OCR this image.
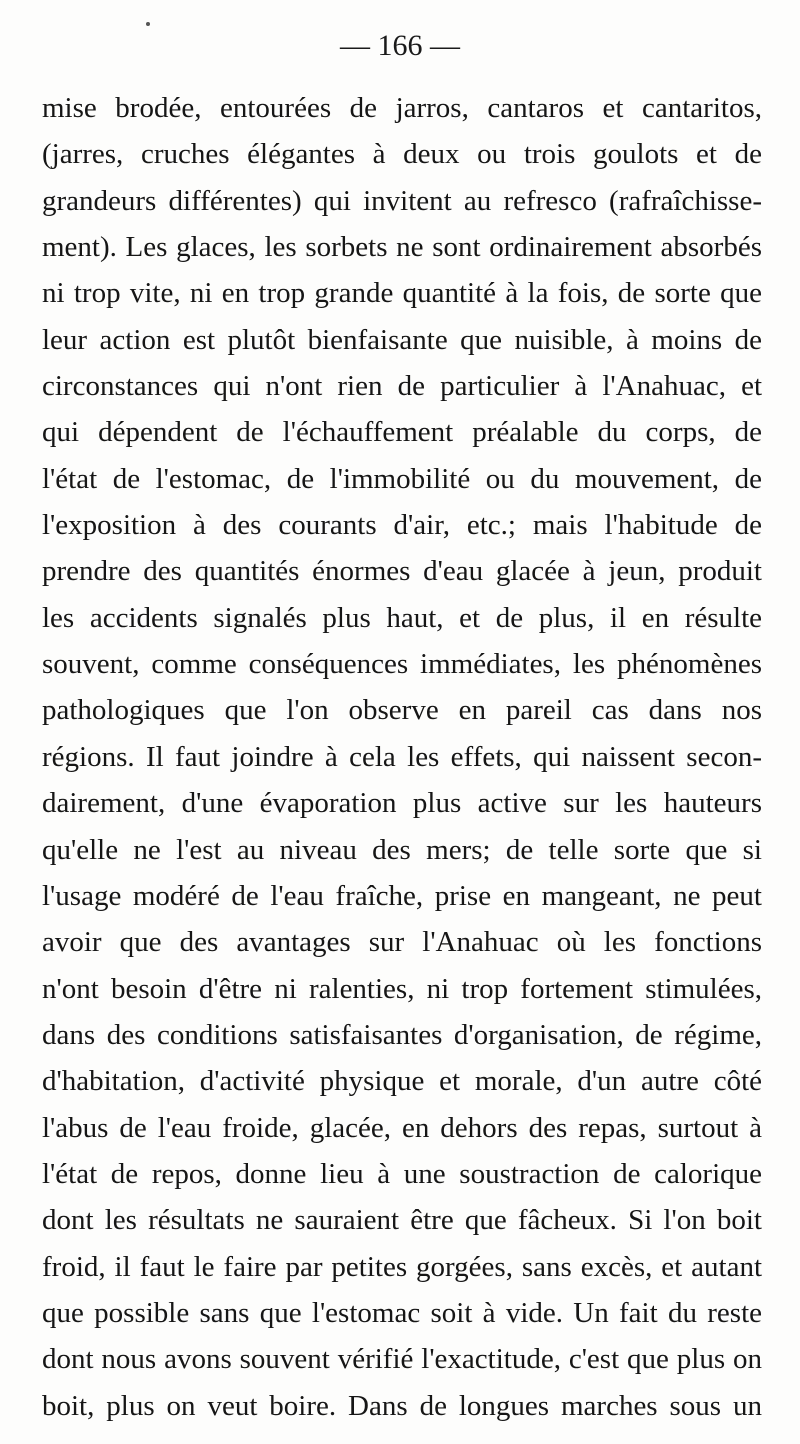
— 166 —
mise brodée, entourées de jarros, cantaros et cantaritos,
(jarres, cruches élégantes à deux ou trois goulots et de
grandeurs différentes) qui invitent au refresco (rafraîchisse-
ment). Les glaces, les sorbets ne sont ordinairement absorbés
ni trop vite, ni en trop grande quantité à la fois, de sorte que
leur action est plutôt bienfaisante que nuisible, à moins de
circonstances qui n'ont rien de particulier à l'Anahuac, et
qui dépendent de l'échauffement préalable du corps, de
l'état de l'estomac, de l'immobilité ou du mouvement, de
l'exposition à des courants d'air, etc.; mais l'habitude de
prendre des quantités énormes d'eau glacée à jeun, produit
les accidents signalés plus haut, et de plus, il en résulte
souvent, comme conséquences immédiates, les phénomènes
pathologiques que l'on observe en pareil cas dans nos
régions. Il faut joindre à cela les effets, qui naissent secon-
dairement, d'une évaporation plus active sur les hauteurs
qu'elle ne l'est au niveau des mers; de telle sorte que si
l'usage modéré de l'eau fraîche, prise en mangeant, ne peut
avoir que des avantages sur l'Anahuac où les fonctions
n'ont besoin d'être ni ralenties, ni trop fortement stimulées,
dans des conditions satisfaisantes d'organisation, de régime,
d'habitation, d'activité physique et morale, d'un autre côté
l'abus de l'eau froide, glacée, en dehors des repas, surtout à
l'état de repos, donne lieu à une soustraction de calorique
dont les résultats ne sauraient être que fâcheux. Si l'on boit
froid, il faut le faire par petites gorgées, sans excès, et autant
que possible sans que l'estomac soit à vide. Un fait du reste
dont nous avons souvent vérifié l'exactitude, c'est que plus on
boit, plus on veut boire. Dans de longues marches sous un
